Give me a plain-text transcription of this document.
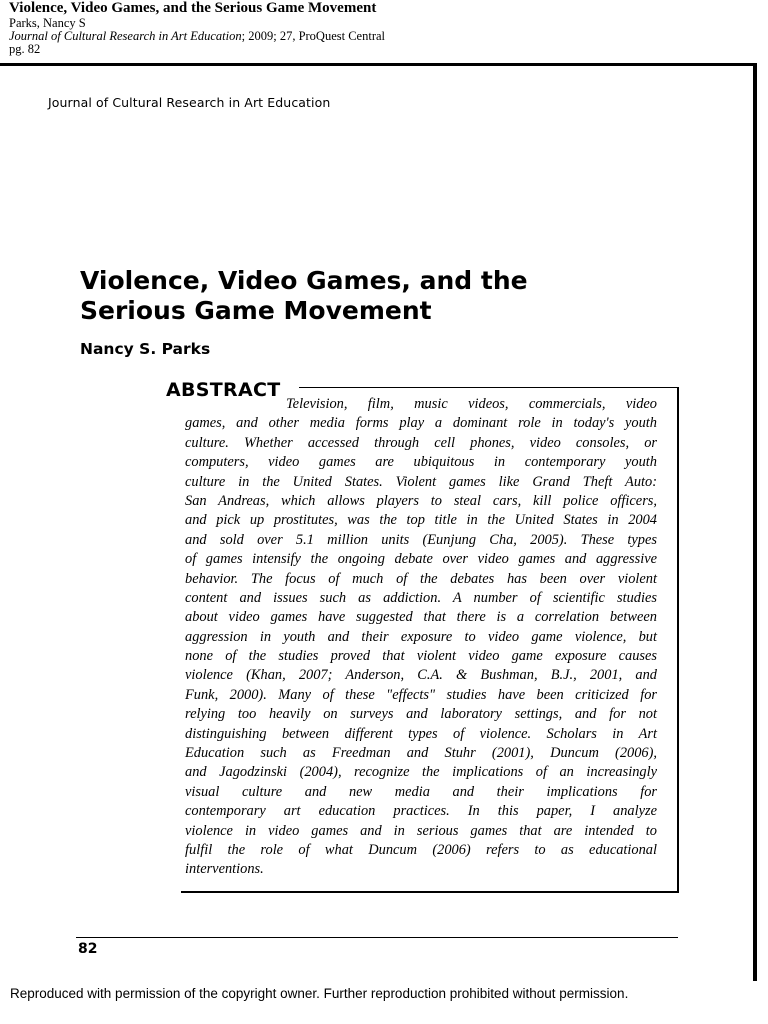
Violence, Video Games, and the Serious Game Movement
Parks, Nancy S
Journal of Cultural Research in Art Education; 2009; 27, ProQuest Central
pg. 82
Journal of Cultural Research in Art Education
Violence, Video Games, and the
Serious Game Movement
Nancy S. Parks
ABSTRACT
Television, film, music videos, commercials, video
games, and other media forms play a dominant role in today's youth
culture. Whether accessed through cell phones, video consoles, or
computers, video games are ubiquitous in contemporary youth
culture in the United States. Violent games like Grand Theft Auto:
San Andreas, which allows players to steal cars, kill police officers,
and pick up prostitutes, was the top title in the United States in 2004
and sold over 5.1 million units (Eunjung Cha, 2005). These types
of games intensify the ongoing debate over video games and aggressive
behavior. The focus of much of the debates has been over violent
content and issues such as addiction. A number of scientific studies
about video games have suggested that there is a correlation between
aggression in youth and their exposure to video game violence, but
none of the studies proved that violent video game exposure causes
violence (Khan, 2007; Anderson, C.A. & Bushman, B.J., 2001, and
Funk, 2000). Many of these "effects" studies have been criticized for
relying too heavily on surveys and laboratory settings, and for not
distinguishing between different types of violence. Scholars in Art
Education such as Freedman and Stuhr (2001), Duncum (2006),
and Jagodzinski (2004), recognize the implications of an increasingly
visual culture and new media and their implications for
contemporary art education practices. In this paper, I analyze
violence in video games and in serious games that are intended to
fulfil the role of what Duncum (2006) refers to as educational
interventions.
82
Reproduced with permission of the copyright owner. Further reproduction prohibited without permission.
